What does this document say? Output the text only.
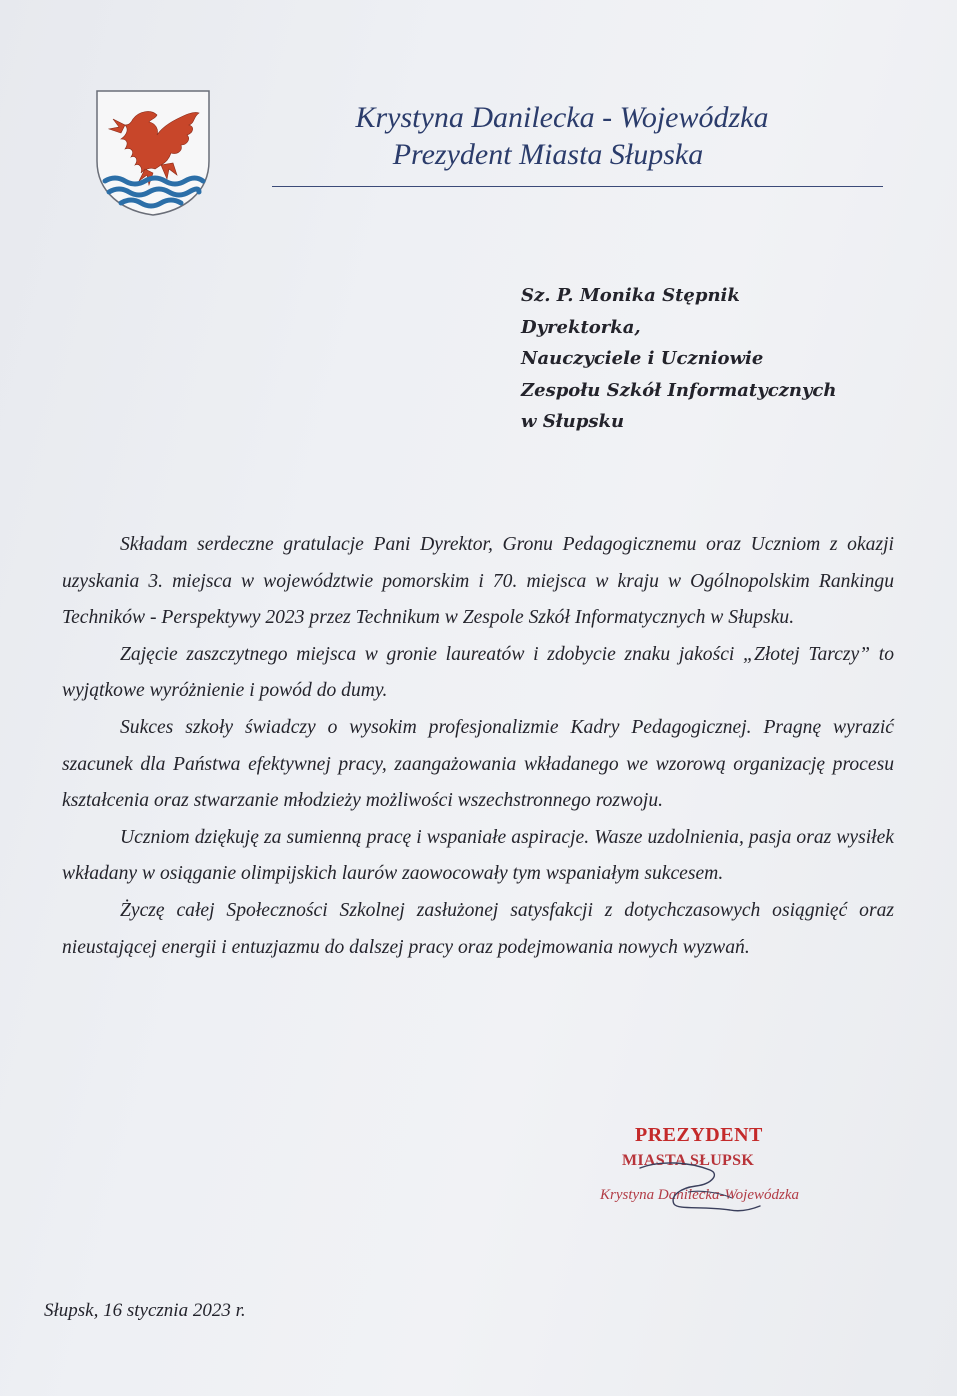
Krystyna Danilecka - Wojewódzka
Prezydent Miasta Słupska
Sz. P. Monika Stępnik
Dyrektorka,
Nauczyciele i Uczniowie
Zespołu Szkół Informatycznych
w Słupsku

Składam serdeczne gratulacje Pani Dyrektor, Gronu Pedagogicznemu oraz Uczniom z okazji uzyskania 3. miejsca w województwie pomorskim i 70. miejsca w kraju w Ogólnopolskim Rankingu Techników - Perspektywy 2023 przez Technikum w Zespole Szkół Informatycznych w Słupsku.

Zajęcie zaszczytnego miejsca w gronie laureatów i zdobycie znaku jakości „Złotej Tarczy” to wyjątkowe wyróżnienie i powód do dumy.

Sukces szkoły świadczy o wysokim profesjonalizmie Kadry Pedagogicznej. Pragnę wyrazić szacunek dla Państwa efektywnej pracy, zaangażowania wkładanego we wzorową organizację procesu kształcenia oraz stwarzanie młodzieży możliwości wszechstronnego rozwoju.

Uczniom dziękuję za sumienną pracę i wspaniałe aspiracje. Wasze uzdolnienia, pasja oraz wysiłek wkładany w osiąganie olimpijskich laurów zaowocowały tym wspaniałym sukcesem.

Życzę całej Społeczności Szkolnej zasłużonej satysfakcji z dotychczasowych osiągnięć oraz nieustającej energii i entuzjazmu do dalszej pracy oraz podejmowania nowych wyzwań.

PREZYDENT
MIASTA SŁUPSK
Krystyna Danilecka-Wojewódzka
Słupsk, 16 stycznia 2023 r.
